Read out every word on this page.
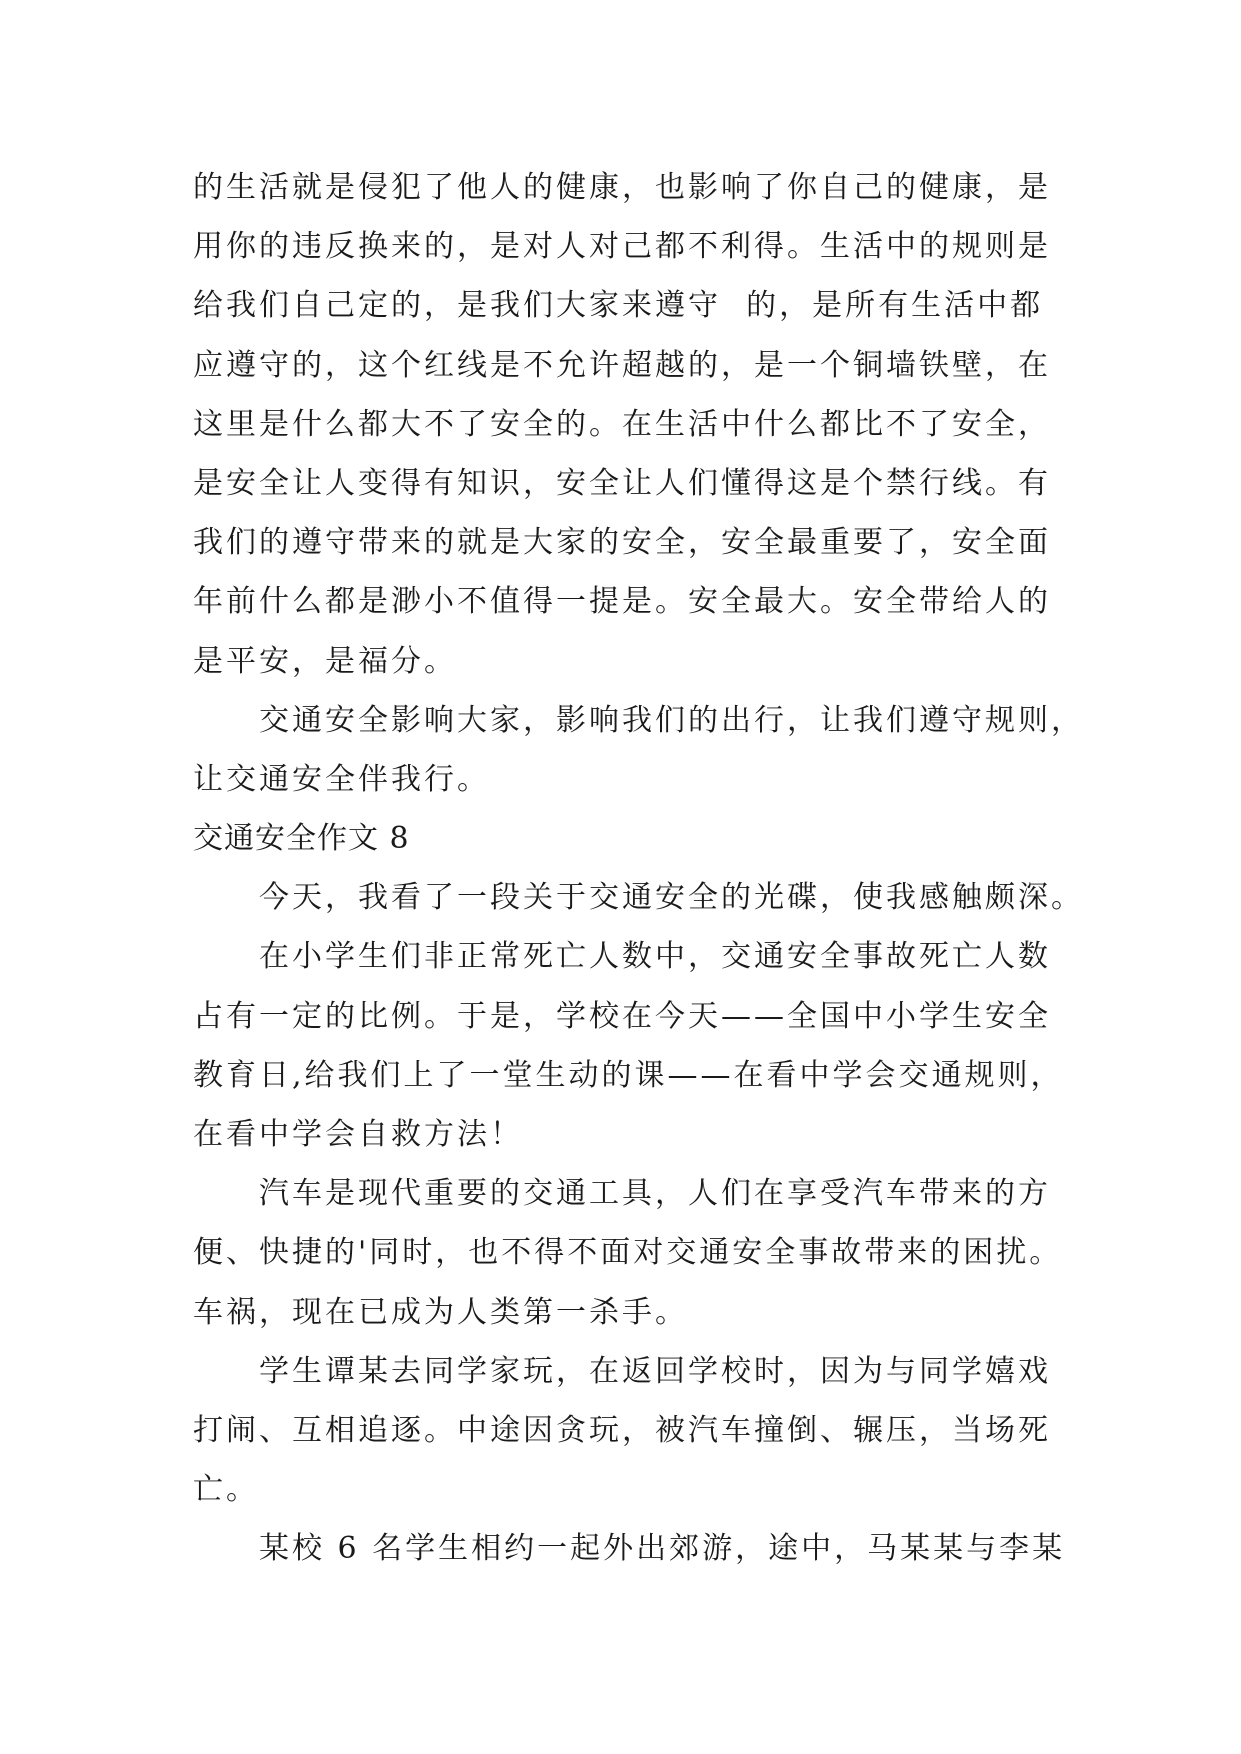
的生活就是侵犯了他人的健康，也影响了你自己的健康，是
用你的违反换来的，是对人对己都不利得。生活中的规则是
给我们自己定的，是我们大家来遵守  的，是所有生活中都
应遵守的，这个红线是不允许超越的，是一个铜墙铁壁，在
这里是什么都大不了安全的。在生活中什么都比不了安全，
是安全让人变得有知识，安全让人们懂得这是个禁行线。有
我们的遵守带来的就是大家的安全，安全最重要了，安全面
年前什么都是渺小不值得一提是。安全最大。安全带给人的
是平安，是福分。
交通安全影响大家，影响我们的出行，让我们遵守规则，
让交通安全伴我行。
交通安全作文 8
今天，我看了一段关于交通安全的光碟，使我感触颇深。
在小学生们非正常死亡人数中，交通安全事故死亡人数
占有一定的比例。于是，学校在今天——全国中小学生安全
教育日,给我们上了一堂生动的课——在看中学会交通规则，
在看中学会自救方法！
汽车是现代重要的交通工具，人们在享受汽车带来的方
便、快捷的'同时，也不得不面对交通安全事故带来的困扰。
车祸，现在已成为人类第一杀手。
学生谭某去同学家玩，在返回学校时，因为与同学嬉戏
打闹、互相追逐。中途因贪玩，被汽车撞倒、辗压，当场死
亡。
某校 6 名学生相约一起外出郊游，途中，马某某与李某
